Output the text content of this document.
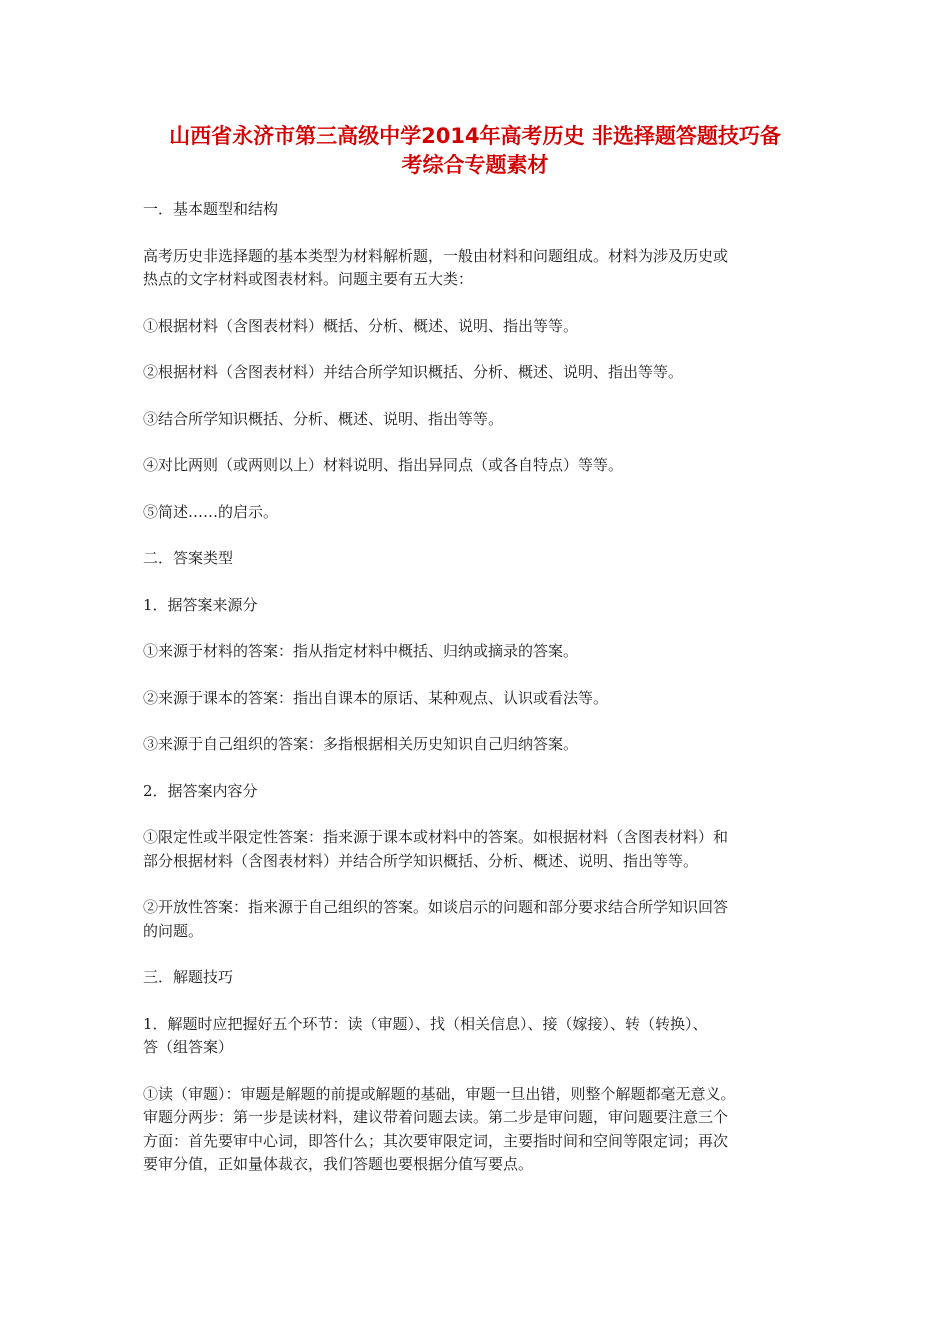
山西省永济市第三高级中学2014年高考历史 非选择题答题技巧备
考综合专题素材

一．基本题型和结构

高考历史非选择题的基本类型为材料解析题，一般由材料和问题组成。材料为涉及历史或
热点的文字材料或图表材料。问题主要有五大类：

①根据材料（含图表材料）概括、分析、概述、说明、指出等等。

②根据材料（含图表材料）并结合所学知识概括、分析、概述、说明、指出等等。

③结合所学知识概括、分析、概述、说明、指出等等。

④对比两则（或两则以上）材料说明、指出异同点（或各自特点）等等。

⑤简述……的启示。

二．答案类型

1．据答案来源分

①来源于材料的答案：指从指定材料中概括、归纳或摘录的答案。

②来源于课本的答案：指出自课本的原话、某种观点、认识或看法等。

③来源于自己组织的答案：多指根据相关历史知识自己归纳答案。

2．据答案内容分

①限定性或半限定性答案：指来源于课本或材料中的答案。如根据材料（含图表材料）和
部分根据材料（含图表材料）并结合所学知识概括、分析、概述、说明、指出等等。

②开放性答案：指来源于自己组织的答案。如谈启示的问题和部分要求结合所学知识回答
的问题。

三．解题技巧

1．解题时应把握好五个环节：读（审题）、找（相关信息）、接（嫁接）、转（转换）、
答（组答案）

①读（审题）：审题是解题的前提或解题的基础，审题一旦出错，则整个解题都毫无意义。
审题分两步：第一步是读材料，建议带着问题去读。第二步是审问题，审问题要注意三个
方面：首先要审中心词，即答什么；其次要审限定词，主要指时间和空间等限定词；再次
要审分值，正如量体裁衣，我们答题也要根据分值写要点。
